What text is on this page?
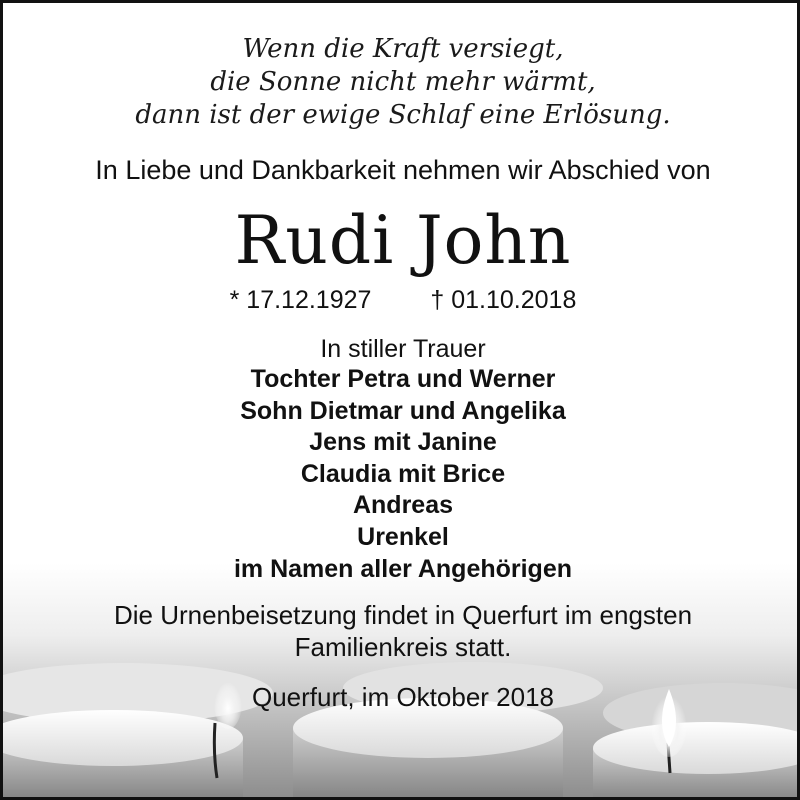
Wenn die Kraft versiegt,
die Sonne nicht mehr wärmt,
dann ist der ewige Schlaf eine Erlösung.
In Liebe und Dankbarkeit nehmen wir Abschied von
Rudi John
* 17.12.1927 † 01.10.2018
In stiller Trauer
Tochter Petra und Werner
Sohn Dietmar und Angelika
Jens mit Janine
Claudia mit Brice
Andreas
Urenkel
im Namen aller Angehörigen
Die Urnenbeisetzung findet in Querfurt im engsten
Familienkreis statt.
Querfurt, im Oktober 2018
